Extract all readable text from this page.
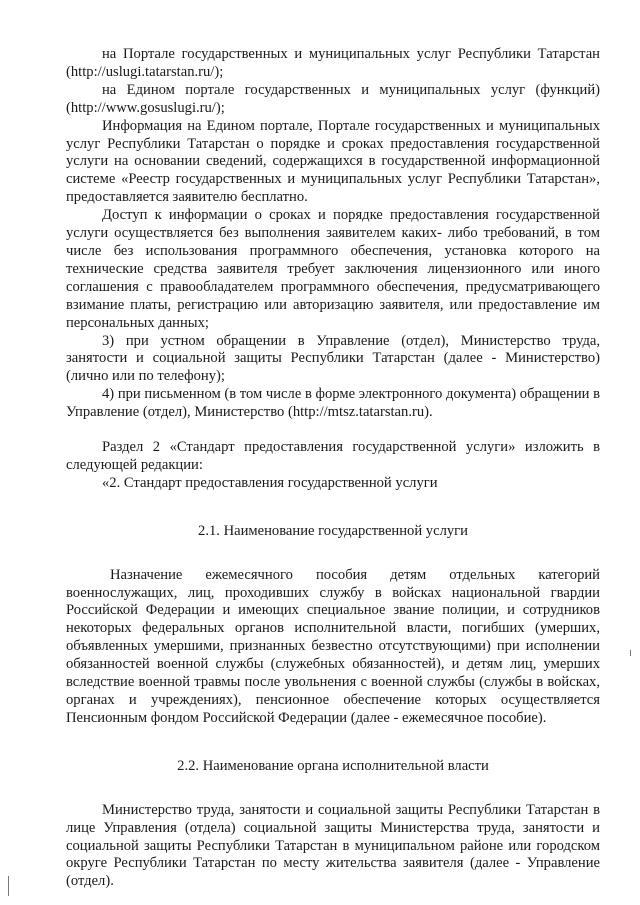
на Портале государственных и муниципальных услуг Республики Татарстан (http://uslugi.tatarstan.ru/);

на Едином портале государственных и муниципальных услуг (функций) (http://www.gosuslugi.ru/);

Информация на Едином портале, Портале государственных и муниципальных услуг Республики Татарстан о порядке и сроках предоставления государственной услуги на основании сведений, содержащихся в государственной информационной системе «Реестр государственных и муниципальных услуг Республики Татарстан», предоставляется заявителю бесплатно.

Доступ к информации о сроках и порядке предоставления государственной услуги осуществляется без выполнения заявителем каких- либо требований, в том числе без использования программного обеспечения, установка которого на технические средства заявителя требует заключения лицензионного или иного соглашения с правообладателем программного обеспечения, предусматривающего взимание платы, регистрацию или авторизацию заявителя, или предоставление им персональных данных;

3) при устном обращении в Управление (отдел), Министерство труда, занятости и социальной защиты Республики Татарстан (далее - Министерство) (лично или по телефону);

4) при письменном (в том числе в форме электронного документа) обращении в Управление (отдел), Министерство (http://mtsz.tatarstan.ru).

Раздел 2 «Стандарт предоставления государственной услуги» изложить в следующей редакции:

«2. Стандарт предоставления государственной услуги

2.1. Наименование государственной услуги

Назначение ежемесячного пособия детям отдельных категорий военнослужащих, лиц, проходивших службу в войсках национальной гвардии Российской Федерации и имеющих специальное звание полиции, и сотрудников некоторых федеральных органов исполнительной власти, погибших (умерших, объявленных умершими, признанных безвестно отсутствующими) при исполнении обязанностей военной службы (служебных обязанностей), и детям лиц, умерших вследствие военной травмы после увольнения с военной службы (службы в войсках, органах и учреждениях), пенсионное обеспечение которых осуществляется Пенсионным фондом Российской Федерации (далее - ежемесячное пособие).

2.2. Наименование органа исполнительной власти

Министерство труда, занятости и социальной защиты Республики Татарстан в лице Управления (отдела) социальной защиты Министерства труда, занятости и социальной защиты Республики Татарстан в муниципальном районе или городском округе Республики Татарстан по месту жительства заявителя (далее - Управление (отдел).
